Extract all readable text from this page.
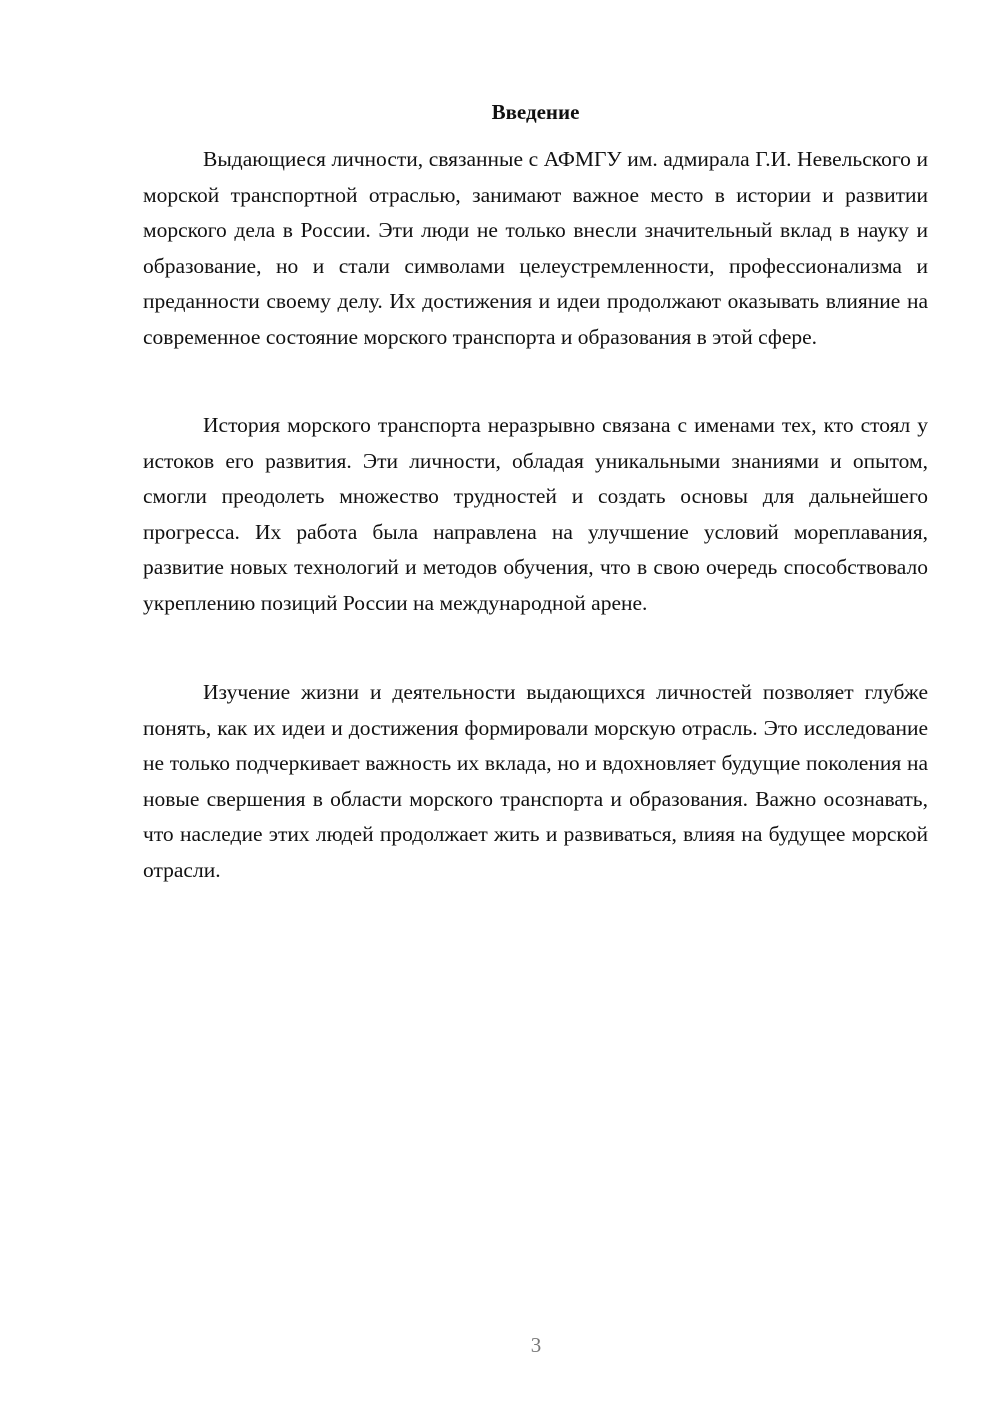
Введение

Выдающиеся личности, связанные с АФМГУ им. адмирала Г.И. Невельского и морской транспортной отраслью, занимают важное место в истории и развитии морского дела в России. Эти люди не только внесли значительный вклад в науку и образование, но и стали символами целеустремленности, профессионализма и преданности своему делу. Их достижения и идеи продолжают оказывать влияние на современное состояние морского транспорта и образования в этой сфере.

История морского транспорта неразрывно связана с именами тех, кто стоял у истоков его развития. Эти личности, обладая уникальными знаниями и опытом, смогли преодолеть множество трудностей и создать основы для дальнейшего прогресса. Их работа была направлена на улучшение условий мореплавания, развитие новых технологий и методов обучения, что в свою очередь способствовало укреплению позиций России на международной арене.

Изучение жизни и деятельности выдающихся личностей позволяет глубже понять, как их идеи и достижения формировали морскую отрасль. Это исследование не только подчеркивает важность их вклада, но и вдохновляет будущие поколения на новые свершения в области морского транспорта и образования. Важно осознавать, что наследие этих людей продолжает жить и развиваться, влияя на будущее морской отрасли.

3
